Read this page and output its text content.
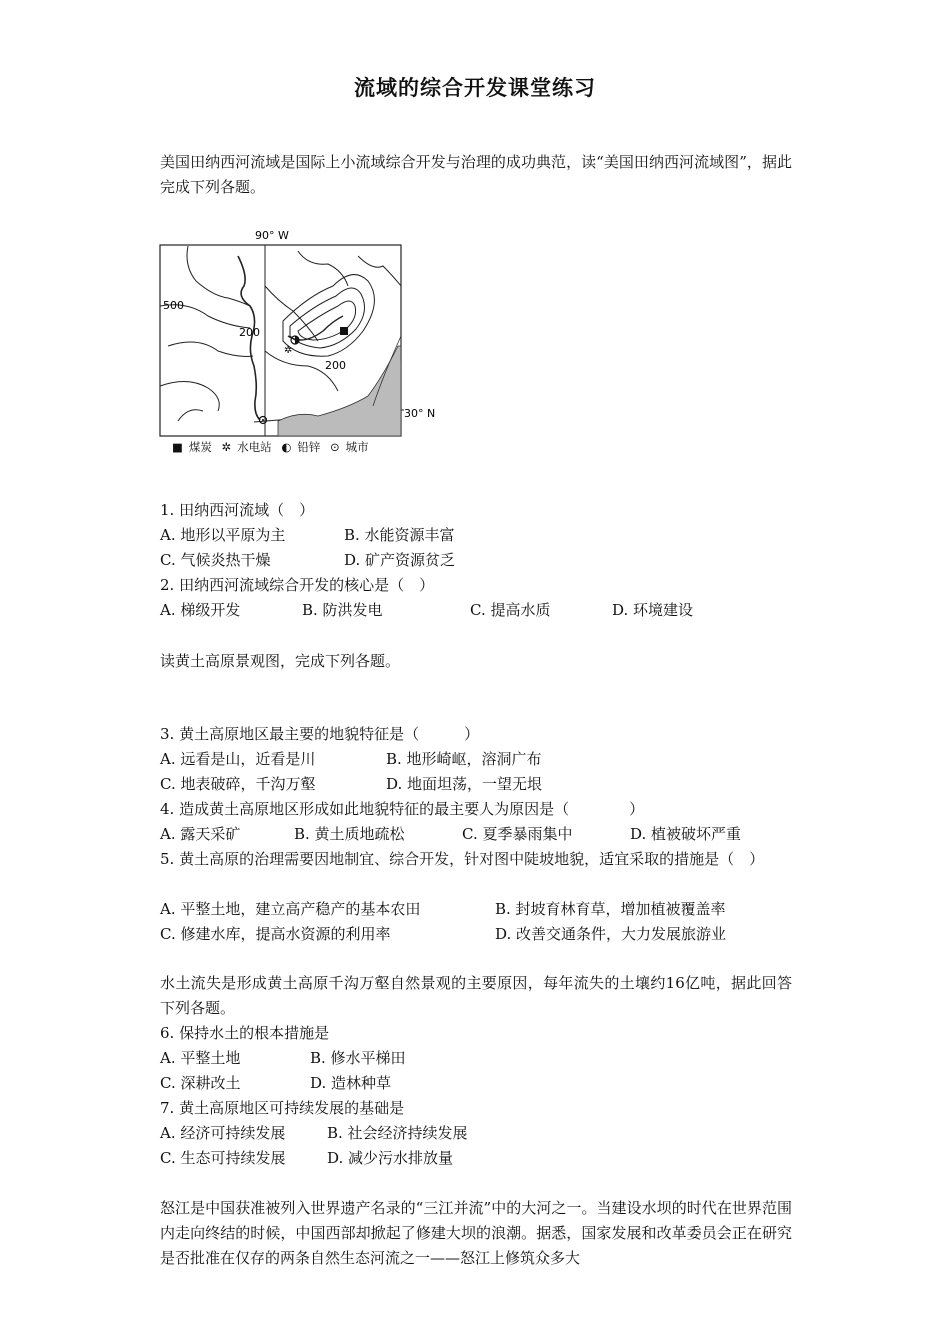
流域的综合开发课堂练习
美国田纳西河流域是国际上小流域综合开发与治理的成功典范，读“美国田纳西河流域图”，据此完成下列各题。
90° W
30° N
✲
500
200
200
■ 煤炭 ✲ 水电站 ◐ 铅锌 ⊙ 城市
1. 田纳西河流域（　）
A. 地形以平原为主	B. 水能资源丰富
C. 气候炎热干燥	D. 矿产资源贫乏
2. 田纳西河流域综合开发的核心是（　）
A. 梯级开发	B. 防洪发电	C. 提高水质	D. 环境建设
读黄土高原景观图，完成下列各题。
3. 黄土高原地区最主要的地貌特征是（　　　）
A. 远看是山，近看是川	B. 地形崎岖，溶洞广布
C. 地表破碎，千沟万壑	D. 地面坦荡，一望无垠
4. 造成黄土高原地区形成如此地貌特征的最主要人为原因是（　　　　）
A. 露天采矿	B. 黄土质地疏松	C. 夏季暴雨集中	D. 植被破坏严重
5. 黄土高原的治理需要因地制宜、综合开发，针对图中陡坡地貌，适宜采取的措施是（　）
A. 平整土地，建立高产稳产的基本农田	B. 封坡育林育草，增加植被覆盖率
C. 修建水库，提高水资源的利用率	D. 改善交通条件，大力发展旅游业
水土流失是形成黄土高原千沟万壑自然景观的主要原因，每年流失的土壤约16亿吨，据此回答下列各题。
6. 保持水土的根本措施是
A. 平整土地	B. 修水平梯田
C. 深耕改土	D. 造林种草
7. 黄土高原地区可持续发展的基础是
A. 经济可持续发展	B. 社会经济持续发展
C. 生态可持续发展	D. 减少污水排放量
怒江是中国获准被列入世界遗产名录的“三江并流”中的大河之一。当建设水坝的时代在世界范围内走向终结的时候，中国西部却掀起了修建大坝的浪潮。据悉，国家发展和改革委员会正在研究是否批准在仅存的两条自然生态河流之一——怒江上修筑众多大
